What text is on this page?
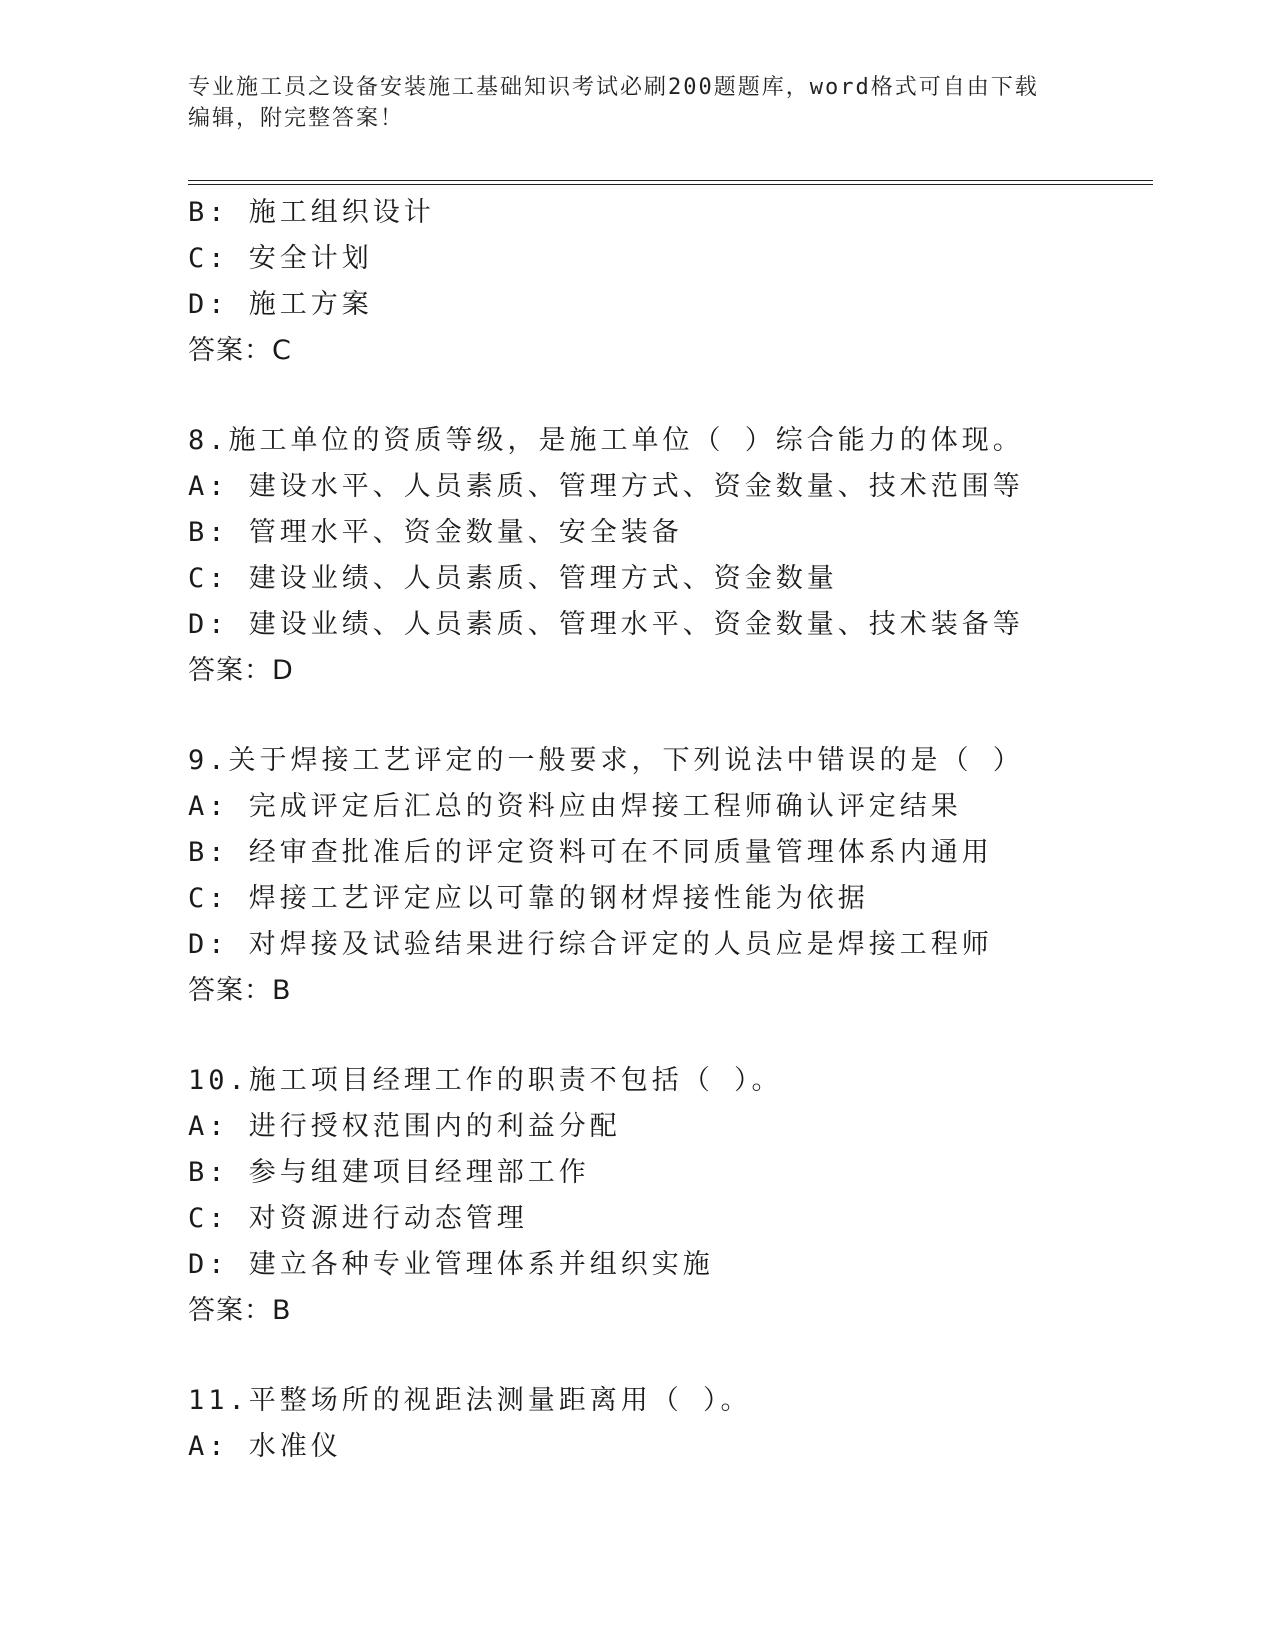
专业施工员之设备安装施工基础知识考试必刷200题题库，word格式可自由下载
编辑，附完整答案！
B: 施工组织设计
C: 安全计划
D: 施工方案
答案：C
8.施工单位的资质等级，是施工单位（ ）综合能力的体现。
A: 建设水平、人员素质、管理方式、资金数量、技术范围等
B: 管理水平、资金数量、安全装备
C: 建设业绩、人员素质、管理方式、资金数量
D: 建设业绩、人员素质、管理水平、资金数量、技术装备等
答案：D
9.关于焊接工艺评定的一般要求，下列说法中错误的是（ ）
A: 完成评定后汇总的资料应由焊接工程师确认评定结果
B: 经审查批准后的评定资料可在不同质量管理体系内通用
C: 焊接工艺评定应以可靠的钢材焊接性能为依据
D: 对焊接及试验结果进行综合评定的人员应是焊接工程师
答案：B
10.施工项目经理工作的职责不包括（ ）。
A: 进行授权范围内的利益分配
B: 参与组建项目经理部工作
C: 对资源进行动态管理
D: 建立各种专业管理体系并组织实施
答案：B
11.平整场所的视距法测量距离用（ ）。
A: 水准仪
